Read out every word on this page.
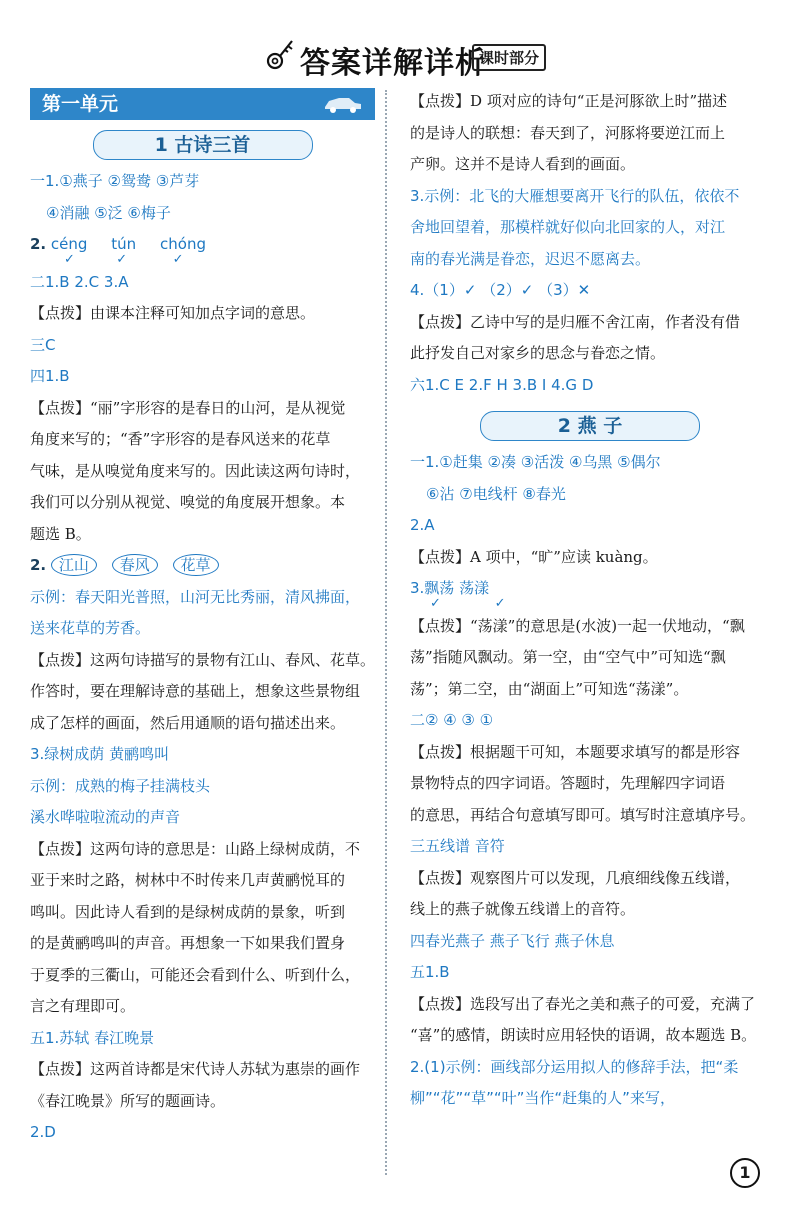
答案详解详析
课时部分
第一单元
1 古诗三首
一1.①燕子 ②鸳鸯 ③芦芽
④消融 ⑤泛 ⑥梅子
2. céng tún chóng
✓          ✓           ✓
二1.B 2.C 3.A
【点拨】由课本注释可知加点字词的意思。
三C
四1.B
【点拨】“丽”字形容的是春日的山河，是从视觉
角度来写的；“香”字形容的是春风送来的花草
气味，是从嗅觉角度来写的。因此读这两句诗时，
我们可以分别从视觉、嗅觉的角度展开想象。本
题选 B。
2. 江山 春风 花草
示例：春天阳光普照，山河无比秀丽，清风拂面，
送来花草的芳香。
【点拨】这两句诗描写的景物有江山、春风、花草。
作答时，要在理解诗意的基础上，想象这些景物组
成了怎样的画面，然后用通顺的语句描述出来。
3.绿树成荫 黄鹂鸣叫
示例：成熟的梅子挂满枝头
溪水哗啦啦流动的声音
【点拨】这两句诗的意思是：山路上绿树成荫，不
亚于来时之路，树林中不时传来几声黄鹂悦耳的
鸣叫。因此诗人看到的是绿树成荫的景象，听到
的是黄鹂鸣叫的声音。再想象一下如果我们置身
于夏季的三衢山，可能还会看到什么、听到什么，
言之有理即可。
五1.苏轼 春江晚景
【点拨】这两首诗都是宋代诗人苏轼为惠崇的画作
《春江晚景》所写的题画诗。
2.D
【点拨】D 项对应的诗句“正是河豚欲上时”描述
的是诗人的联想：春天到了，河豚将要逆江而上
产卵。这并不是诗人看到的画面。
3.示例：北飞的大雁想要离开飞行的队伍，依依不
舍地回望着，那模样就好似向北回家的人，对江
南的春光满是眷恋，迟迟不愿离去。
4.（1）✓ （2）✓ （3）✕
【点拨】乙诗中写的是归雁不舍江南，作者没有借
此抒发自己对家乡的思念与眷恋之情。
六1.C E 2.F H 3.B I 4.G D
2 燕 子
一1.①赶集 ②凑 ③活泼 ④乌黑 ⑤偶尔
⑥沾 ⑦电线杆 ⑧春光
2.A
【点拨】A 项中，“旷”应读 kuàng。
3.飘荡 荡漾
✓             ✓
【点拨】“荡漾”的意思是(水波)一起一伏地动，“飘
荡”指随风飘动。第一空，由“空气中”可知选“飘
荡”；第二空，由“湖面上”可知选“荡漾”。
二② ④ ③ ①
【点拨】根据题干可知，本题要求填写的都是形容
景物特点的四字词语。答题时，先理解四字词语
的意思，再结合句意填写即可。填写时注意填序号。
三五线谱 音符
【点拨】观察图片可以发现，几痕细线像五线谱，
线上的燕子就像五线谱上的音符。
四春光燕子 燕子飞行 燕子休息
五1.B
【点拨】选段写出了春光之美和燕子的可爱，充满了
“喜”的感情，朗读时应用轻快的语调，故本题选 B。
2.(1)示例：画线部分运用拟人的修辞手法，把“柔
柳”“花”“草”“叶”当作“赶集的人”来写，
1
